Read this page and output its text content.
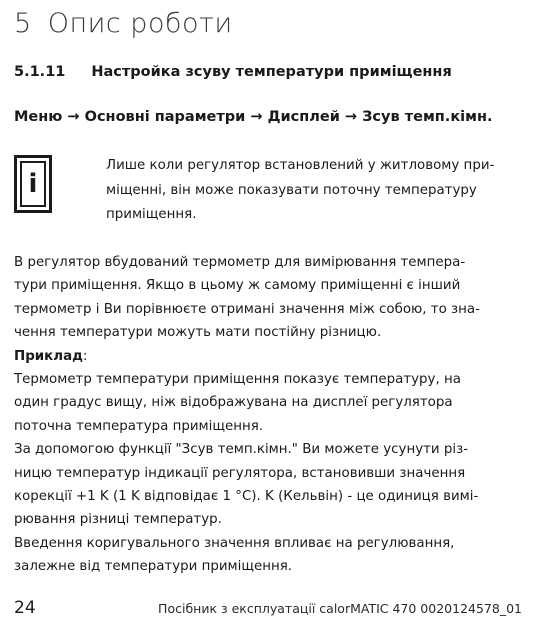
5 Опис роботи
5.1.11 Настройка зсуву температури приміщення
Меню → Основні параметри → Дисплей → Зсув темп.кімн.
i
Лише коли регулятор встановлений у житловому при-
міщенні, він може показувати поточну температуру
приміщення.

В регулятор вбудований термометр для вимірювання темпера-

тури приміщення. Якщо в цьому ж самому приміщенні є інший

термометр і Ви порівнюєте отримані значення між собою, то зна-

чення температури можуть мати постійну різницю.

Приклад:

Термометр температури приміщення показує температуру, на

один градус вищу, ніж відображувана на дисплеї регулятора

поточна температура приміщення.

За допомогою функції "Зсув темп.кімн." Ви можете усунути різ-

ницю температур індикації регулятора, встановивши значення

корекції +1 K (1 K відповідає 1 °C). K (Кельвін) - це одиниця вимі-

рювання різниці температур.

Введення коригувального значення впливає на регулювання,

залежне від температури приміщення.

24	Посібник з експлуатації calorMATIC 470 0020124578_01
